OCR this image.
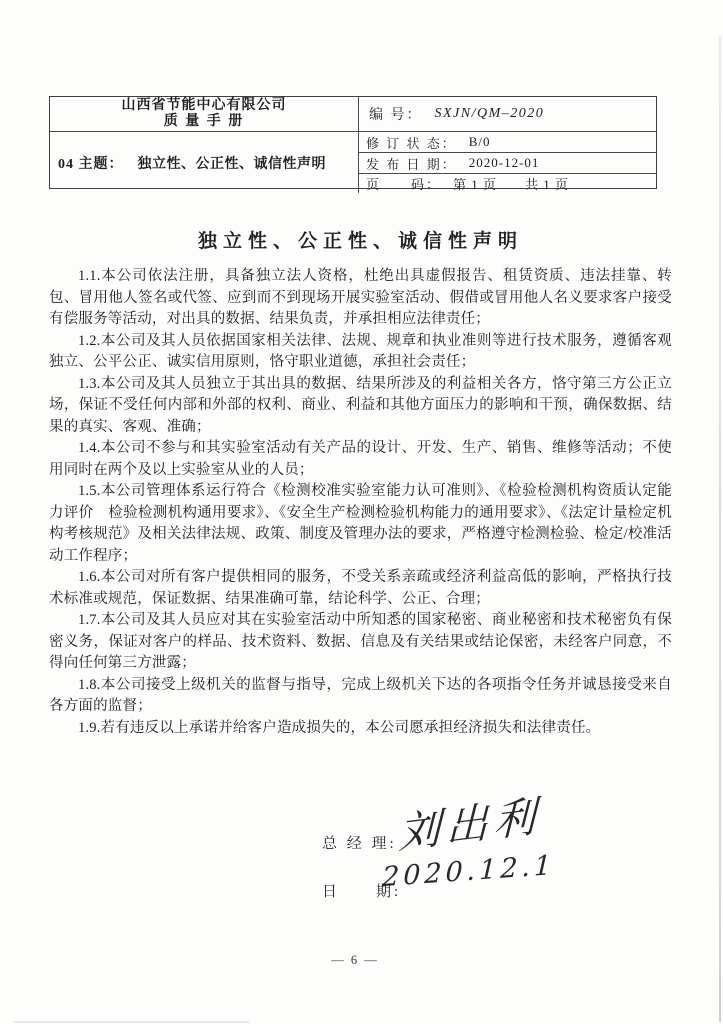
山西省节能中心有限公司
质 量 手 册	编 号： SXJN/QM–2020
04 主题： 独立性、公正性、诚信性声明
修 订 状 态： B/0
发 布 日 期： 2020-12-01
页　　码： 第 1 页　　共 1 页
独立性、公正性、诚信性声明

1.1.本公司依法注册，具备独立法人资格，杜绝出具虚假报告、租赁资质、违法挂靠、转包、冒用他人签名或代签、应到而不到现场开展实验室活动、假借或冒用他人名义要求客户接受有偿服务等活动，对出具的数据、结果负责，并承担相应法律责任；

1.2.本公司及其人员依据国家相关法律、法规、规章和执业准则等进行技术服务，遵循客观独立、公平公正、诚实信用原则，恪守职业道德，承担社会责任；

1.3.本公司及其人员独立于其出具的数据、结果所涉及的利益相关各方，恪守第三方公正立场，保证不受任何内部和外部的权利、商业、利益和其他方面压力的影响和干预，确保数据、结果的真实、客观、准确；

1.4.本公司不参与和其实验室活动有关产品的设计、开发、生产、销售、维修等活动；不使用同时在两个及以上实验室从业的人员；

1.5.本公司管理体系运行符合《检测校准实验室能力认可准则》、《检验检测机构资质认定能力评价　检验检测机构通用要求》、《安全生产检测检验机构能力的通用要求》、《法定计量检定机构考核规范》及相关法律法规、政策、制度及管理办法的要求，严格遵守检测检验、检定/校准活动工作程序；

1.6.本公司对所有客户提供相同的服务，不受关系亲疏或经济利益高低的影响，严格执行技术标准或规范，保证数据、结果准确可靠，结论科学、公正、合理；

1.7.本公司及其人员应对其在实验室活动中所知悉的国家秘密、商业秘密和技术秘密负有保密义务，保证对客户的样品、技术资料、数据、信息及有关结果或结论保密，未经客户同意，不得向任何第三方泄露；

1.8.本公司接受上级机关的监督与指导，完成上级机关下达的各项指令任务并诚恳接受来自各方面的监督；

1.9.若有违反以上承诺并给客户造成损失的，本公司愿承担经济损失和法律责任。

总 经 理: 刘出利
日　　期:
2020.12.1
— 6 —
